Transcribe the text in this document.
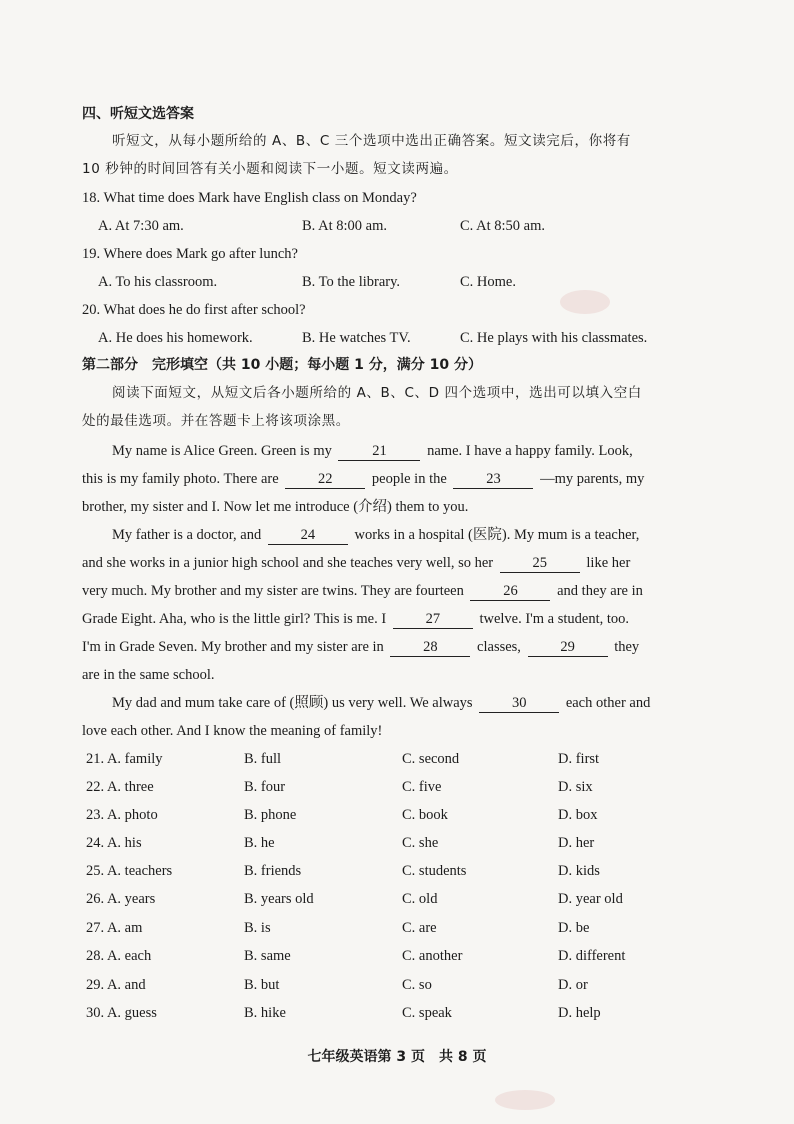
四、听短文选答案
听短文，从每小题所给的 A、B、C 三个选项中选出正确答案。短文读完后，你将有
10 秒钟的时间回答有关小题和阅读下一小题。短文读两遍。
18. What time does Mark have English class on Monday?
A. At 7:30 am.	B. At 8:00 am.	C. At 8:50 am.
19. Where does Mark go after lunch?
A. To his classroom.	B. To the library.	C. Home.
20. What does he do first after school?
A. He does his homework.	B. He watches TV.	C. He plays with his classmates.
第二部分　完形填空（共 10 小题；每小题 1 分，满分 10 分）
阅读下面短文，从短文后各小题所给的 A、B、C、D 四个选项中，选出可以填入空白
处的最佳选项。并在答题卡上将该项涂黑。
My name is Alice Green. Green is my	21	name. I have a happy family. Look,
this is my family photo. There are	22	people in the	23	—my parents, my
brother, my sister and I. Now let me introduce (介绍) them to you.
My father is a doctor, and	24	works in a hospital (医院). My mum is a teacher,
and she works in a junior high school and she teaches very well, so her	25	like her
very much. My brother and my sister are twins. They are fourteen	26	and they are in
Grade Eight. Aha, who is the little girl? This is me. I	27	twelve. I'm a student, too.
I'm in Grade Seven. My brother and my sister are in	28	classes,	29	they
are in the same school.
My dad and mum take care of (照顾) us very well. We always	30	each other and
love each other. And I know the meaning of family!
21. A. family	B. full	C. second	D. first
22. A. three	B. four	C. five	D. six
23. A. photo	B. phone	C. book	D. box
24. A. his	B. he	C. she	D. her
25. A. teachers	B. friends	C. students	D. kids
26. A. years	B. years old	C. old	D. year old
27. A. am	B. is	C. are	D. be
28. A. each	B. same	C. another	D. different
29. A. and	B. but	C. so	D. or
30. A. guess	B. hike	C. speak	D. help
七年级英语第 3 页　共 8 页
